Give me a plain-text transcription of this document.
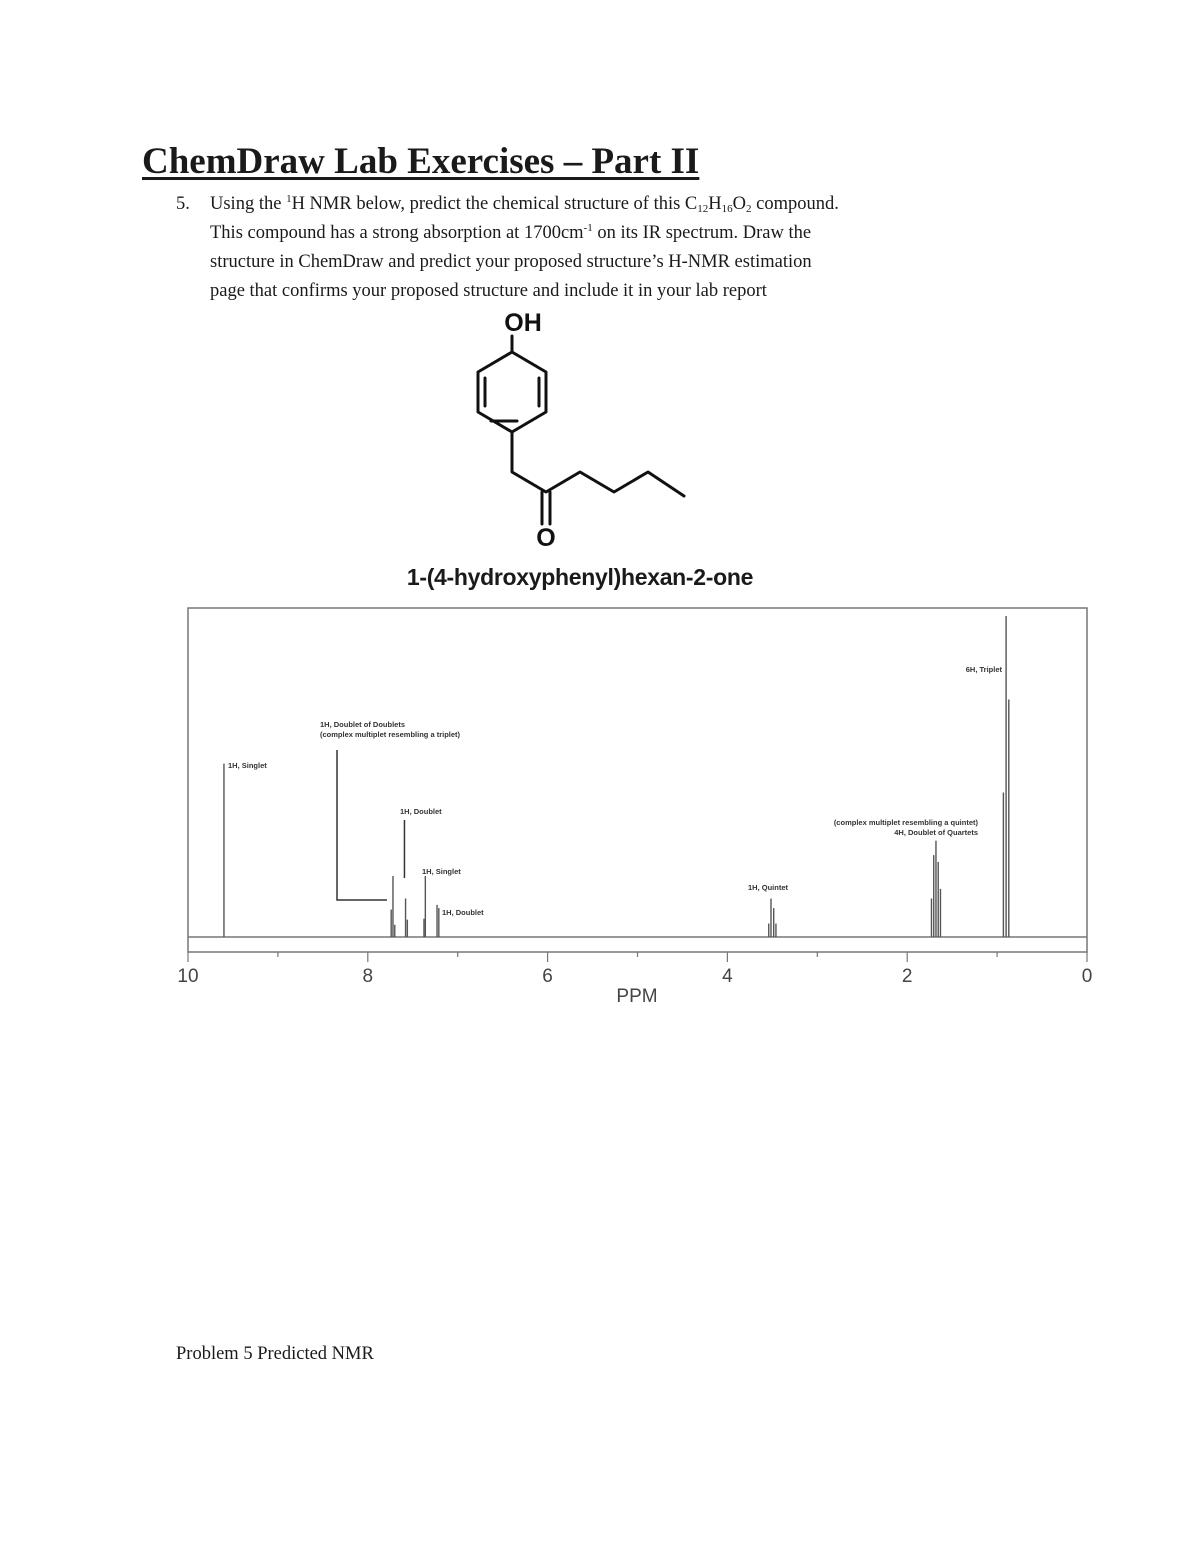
ChemDraw Lab Exercises – Part II
5. Using the $^1$H NMR below, predict the chemical structure of this $C_{12}H_{16}O_2$ compound.
This compound has a strong absorption at $1700cm^{-1}$ on its IR spectrum. Draw the
structure in ChemDraw and predict your proposed structure’s H-NMR estimation
page that confirms your proposed structure and include it in your lab report
OH
O
1-(4-hydroxyphenyl)hexan-2-one
10	8	6	4	2	0
1H, Singlet
1H, Doublet of Doublets
(complex multiplet resembling a triplet)
1H, Doublet
1H, Singlet
1H, Doublet
1H, Quintet
(complex multiplet resembling a quintet)
4H, Doublet of Quartets
6H, Triplet
PPM
Problem 5 Predicted NMR
